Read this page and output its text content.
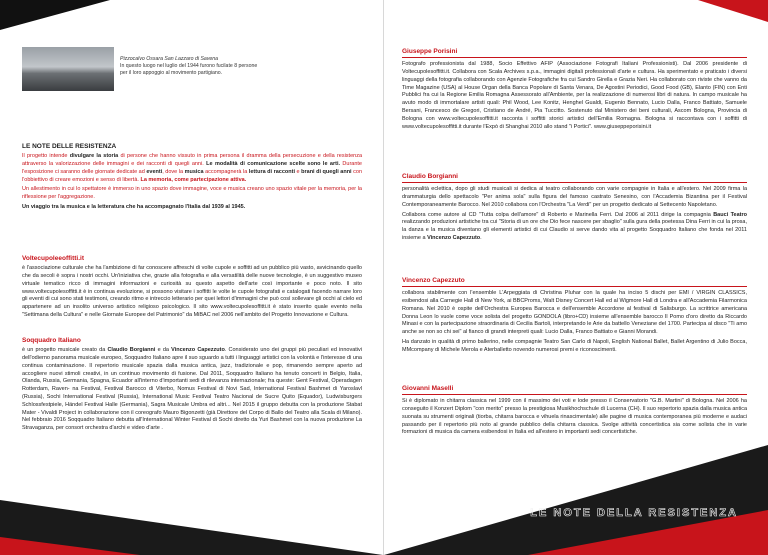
Pizzocalvo Ossara San Lazzaro di Savena
In questo luogo nel luglio del 1944 furono fucilate 8 persone per il loro appoggio al movimento partigiano.
LE NOTE DELLE RESISTENZA

Il progetto intende divulgare la storia di persone che hanno vissuto in prima persona il dramma della persecuzione e della resistenza attraverso la valorizzazione delle immagini e dei racconti di quegli anni. Le modalità di comunicazione scelte sono le arti. Durante l'esposizione ci saranno delle giornate dedicate ad eventi, dove la musica accompagnerà la lettura di racconti e brani di quegli anni con l'obbiettivo di creare emozioni e senso di libertà. La memoria, come partecipazione attiva.

Un allestimento in cui lo spettatore è immerso in uno spazio dove immagine, voce e musica creano uno spazio vitale per la memoria, per la riflessione per l'aggregazione.

Un viaggio tra la musica e la letteratura che ha accompagnato l'Italia dal 1939 al 1945.

Voltecupoleeoffitti.it

è l'associazione culturale che ha l'ambizione di far conoscere affreschi di volte cupole e soffitti ad un pubblico più vasto, avvicinando quello che da secoli è sopra i nostri occhi. Un'iniziativa che, grazie alla fotografia e alla versatilità delle nuove tecnologie, è un suggestivo museo virtuale tematico ricco di immagini informazioni e curiosità su questo aspetto dell'arte così importante e poco noto. Il sito www.voltecupolesoffitti.it è in continua evoluzione, si possono visitare i soffitti le volte le cupole fotografati e catalogati facendo narrare loro gli eventi di cui sono stati testimoni, creando ritmo e intreccio letterario per quei lettori d'immagini che può così sollevare gli occhi al cielo ed appartenere ad un insolito universo artistico religioso psicologico. Il sito www.voltecupolesoffitti.it è stato inserito quale evento nella "Settimana della Cultura" e nelle Giornate Europee del Patrimonio" da MiBAC nel 2006 nell'ambito del Progetto Innovazione e Cultura.

Soqquadro Italiano

è un progetto musicale creato da Claudio Borgianni e da Vincenzo Capezzuto. Considerato uno dei gruppi più peculiari ed innovativi dell'odierno panorama musicale europeo, Soqquadro Italiano apre il suo sguardo a tutti i linguaggi artistici con la volontà e l'interesse di una continua contaminazione. Il repertorio musicale spazia dalla musica antica, jazz, tradizionale e pop, rimanendo sempre aperto ad accogliere nuovi stimoli creativi, in un continuo movimento di fusione. Dal 2011, Soqquadro Italiano ha tenuto concerti in Belgio, Italia, Olanda, Russia, Germania, Spagna, Ecuador all'interno d'importanti sedi di rilevanza internazionale; fra queste: Gent Festival, Operadagen Rotterdam, Raven- na Festival, Festival Barocco di Viterbo, Nomus Festival di Novi Sad, International Festival Bashmet di Yaroslavl (Russia), Sochi International Festival (Russia), International Music Festival Teatro Nacional de Sucre Quito (Equador), Ludwisburgers Schlossfestpiele, Händel Festival Halle (Germania), Sagra Musicale Umbra ed altri... Nel 2015 il gruppo debutta con la produzione Stabat Mater - Vivaldi Project in collaborazione con il coreografo Mauro Bigonzetti (già Direttore del Corpo di Ballo del Teatro alla Scala di Milano). Nel febbraio 2016 Soqquadro Italiano debutta all'International Winter Festival di Sochi diretto da Yuri Bashmet con la nuova produzione La Stravaganza, per consort orchestra d'archi e video d'arte .

Giuseppe Porisini

Fotografo professionista dal 1988, Socio Effettivo AFIP (Associazione Fotografi Italiani Professionisti). Dal 2006 presidente di Voltecupolesoffitti.it. Collabora con Scala Archives s.p.a., immagini digitali professionali d'arte e cultura. Ha sperimentato e praticato i diversi linguaggi della fotografia collaborando con Agenzie Fotografiche fra cui Sandro Girella e Grazia Neri. Ha collaborato con riviste che vanno da Time Magazine (USA) al House Organ della Banca Popolare di Santa Venara, De Agostini Periodici, Good Food (GB), Elanto (FIN) con Enti Pubblici fra cui la Regione Emilia Romagna Assessorato all'Ambiente, per la realizzazione di numerosi libri di natura. In campo musicale ha avuto modo di immortalare artisti quali: Phil Wood, Lee Konitz, Henghel Gualdi, Eugenio Bennato, Lucio Dalla, Franco Battiato, Samuele Bersani, Francesco de Gregori, Cristiano de André, Pia Tuccitto. Sostenuto dal Ministero dei beni culturali, Ascom Bologna, Provincia di Bologna con www.voltecupolesoffitti.it racconta i soffitti storici artistici dell'Emilia Romagna. Bologna si raccontava con i soffitti di www.voltecupolesoffitti.it durante l'Expò di Shanghai 2010 allo stand "i Portici". www.giuseppeporisini.it

Claudio Borgianni

personalità eclettica, dopo gli studi musicali si dedica al teatro collaborando con varie compagnie in Italia e all'estero. Nel 2009 firma la drammaturgia dello spettacolo "Per anima sola" sulla figura del famoso castrato Senesino, con l'Accademia Bizantina per il Festival Contemporaneamente Barocco. Nel 2010 collabora con l'Orchestra "La Verdi" per un progetto dedicato al Settecento Napoletano.

Collabora come autore al CD "Tutta colpa dell'amore" di Roberto e Marinella Ferri. Dal 2006 al 2011 dirige la compagnia Bauci Teatro realizzando produzioni artistiche tra cui "Storia di un ore che Dio fece nascere per sbaglio" sulla gura della poetessa Dina Ferri in cui la prosa, la danza e la musica diventano gli elementi artistici di cui Claudio si serve dando vita al progetto Soqquadro Italiano che fonda nel 2011 insieme a Vincenzo Capezzuto.

Vincenzo Capezzuto

collabora stabilmente con l'ensemble L'Arpeggiata di Christina Pluhar con la quale ha inciso 5 dischi per EMI / VIRGIN CLASSICS, esibendosi alla Carnegie Hall di New York, ai BBCProms, Walt Disney Concert Hall ed al Wigmore Hall di Londra e all'Accademia Filarmonica Romana. Nel 2010 è ospite dell'Orchestra Europea Barocca e dell'ensemble Accordone al festival di Salisburgo. La scrittrice americana Donna Leon lo vuole come voce solista del progetto GONDOLA (libro+CD) insieme all'ensemble barocco Il Pomo d'oro diretto da Riccardo Minasi e con la partecipazione straordinaria di Cecilia Bartoli, interpretando le Arie da battello Veneziane del 1700. Partecipa al disco "Ti amo anche se non so chi sei" al fianco di grandi interpreti quali: Lucio Dalla, Franco Battiato e Gianni Morandi.

Ha danzato in qualità di primo ballerino, nelle compagnie Teatro San Carlo di Napoli, English National Ballet, Ballet Argentino di Julio Bocca, MMcompany di Michele Merola e Aterballetto novendo numerosi premi e riconoscimenti.

Giovanni Maselli

Si è diplomato in chitarra classica nel 1999 con il massimo dei voti e lode presso il Conservatorio "G.B. Martini" di Bologna. Nel 2006 ha conseguito il Konzert Diplom "con merito" presso la prestigiosa Musikhochschule di Lucerna (CH). Il suo repertorio spazia dalla musica antica suonata su strumenti originali (tiorba, chitarra barocca e vihuela rinascimentale) alle pagine di musica contemporanea più moderne e audaci passando per il repertorio più noto al grande pubblico della chitarra classica. Svolge attività concertistica sia come solista che in varie formazioni di musica da camera esibendosi in Italia ed all'estero in importanti sedi concertistiche.

LE NOTE DELLA RESISTENZA
